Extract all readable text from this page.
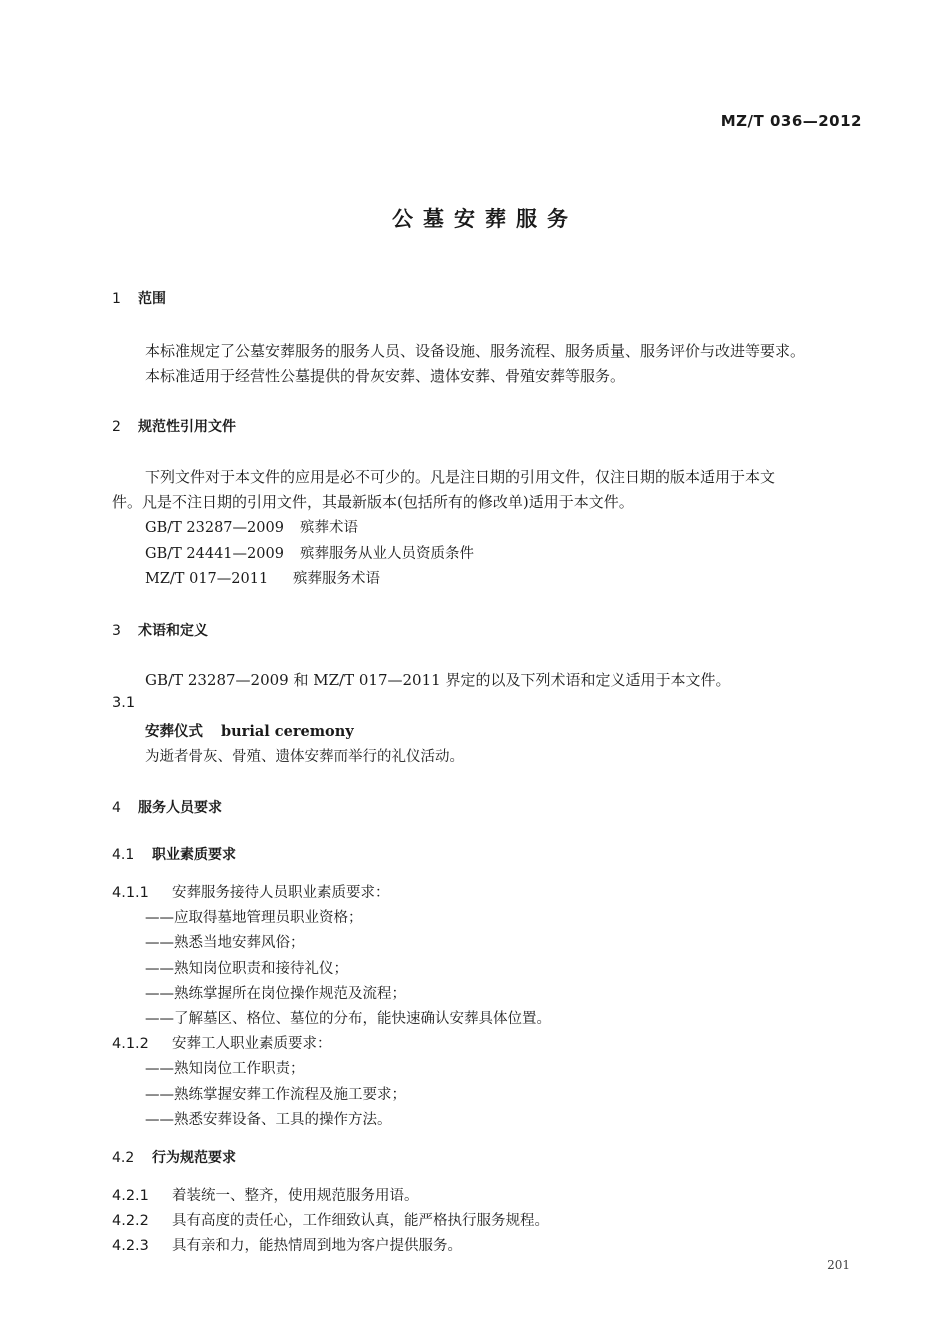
MZ/T 036—2012
公墓安葬服务
1 范围
本标准规定了公墓安葬服务的服务人员、设备设施、服务流程、服务质量、服务评价与改进等要求。
本标准适用于经营性公墓提供的骨灰安葬、遗体安葬、骨殖安葬等服务。
2 规范性引用文件
下列文件对于本文件的应用是必不可少的。凡是注日期的引用文件，仅注日期的版本适用于本文
件。凡是不注日期的引用文件，其最新版本(包括所有的修改单)适用于本文件。
GB/T 23287—2009 殡葬术语
GB/T 24441—2009 殡葬服务从业人员资质条件
MZ/T 017—2011 殡葬服务术语
3 术语和定义
GB/T 23287—2009 和 MZ/T 017—2011 界定的以及下列术语和定义适用于本文件。
3.1
安葬仪式 burial ceremony
为逝者骨灰、骨殖、遗体安葬而举行的礼仪活动。
4 服务人员要求
4.1 职业素质要求
4.1.1 安葬服务接待人员职业素质要求：
——应取得墓地管理员职业资格；
——熟悉当地安葬风俗；
——熟知岗位职责和接待礼仪；
——熟练掌握所在岗位操作规范及流程；
——了解墓区、格位、墓位的分布，能快速确认安葬具体位置。
4.1.2 安葬工人职业素质要求：
——熟知岗位工作职责；
——熟练掌握安葬工作流程及施工要求；
——熟悉安葬设备、工具的操作方法。
4.2 行为规范要求
4.2.1 着装统一、整齐，使用规范服务用语。
4.2.2 具有高度的责任心，工作细致认真，能严格执行服务规程。
4.2.3 具有亲和力，能热情周到地为客户提供服务。
201
